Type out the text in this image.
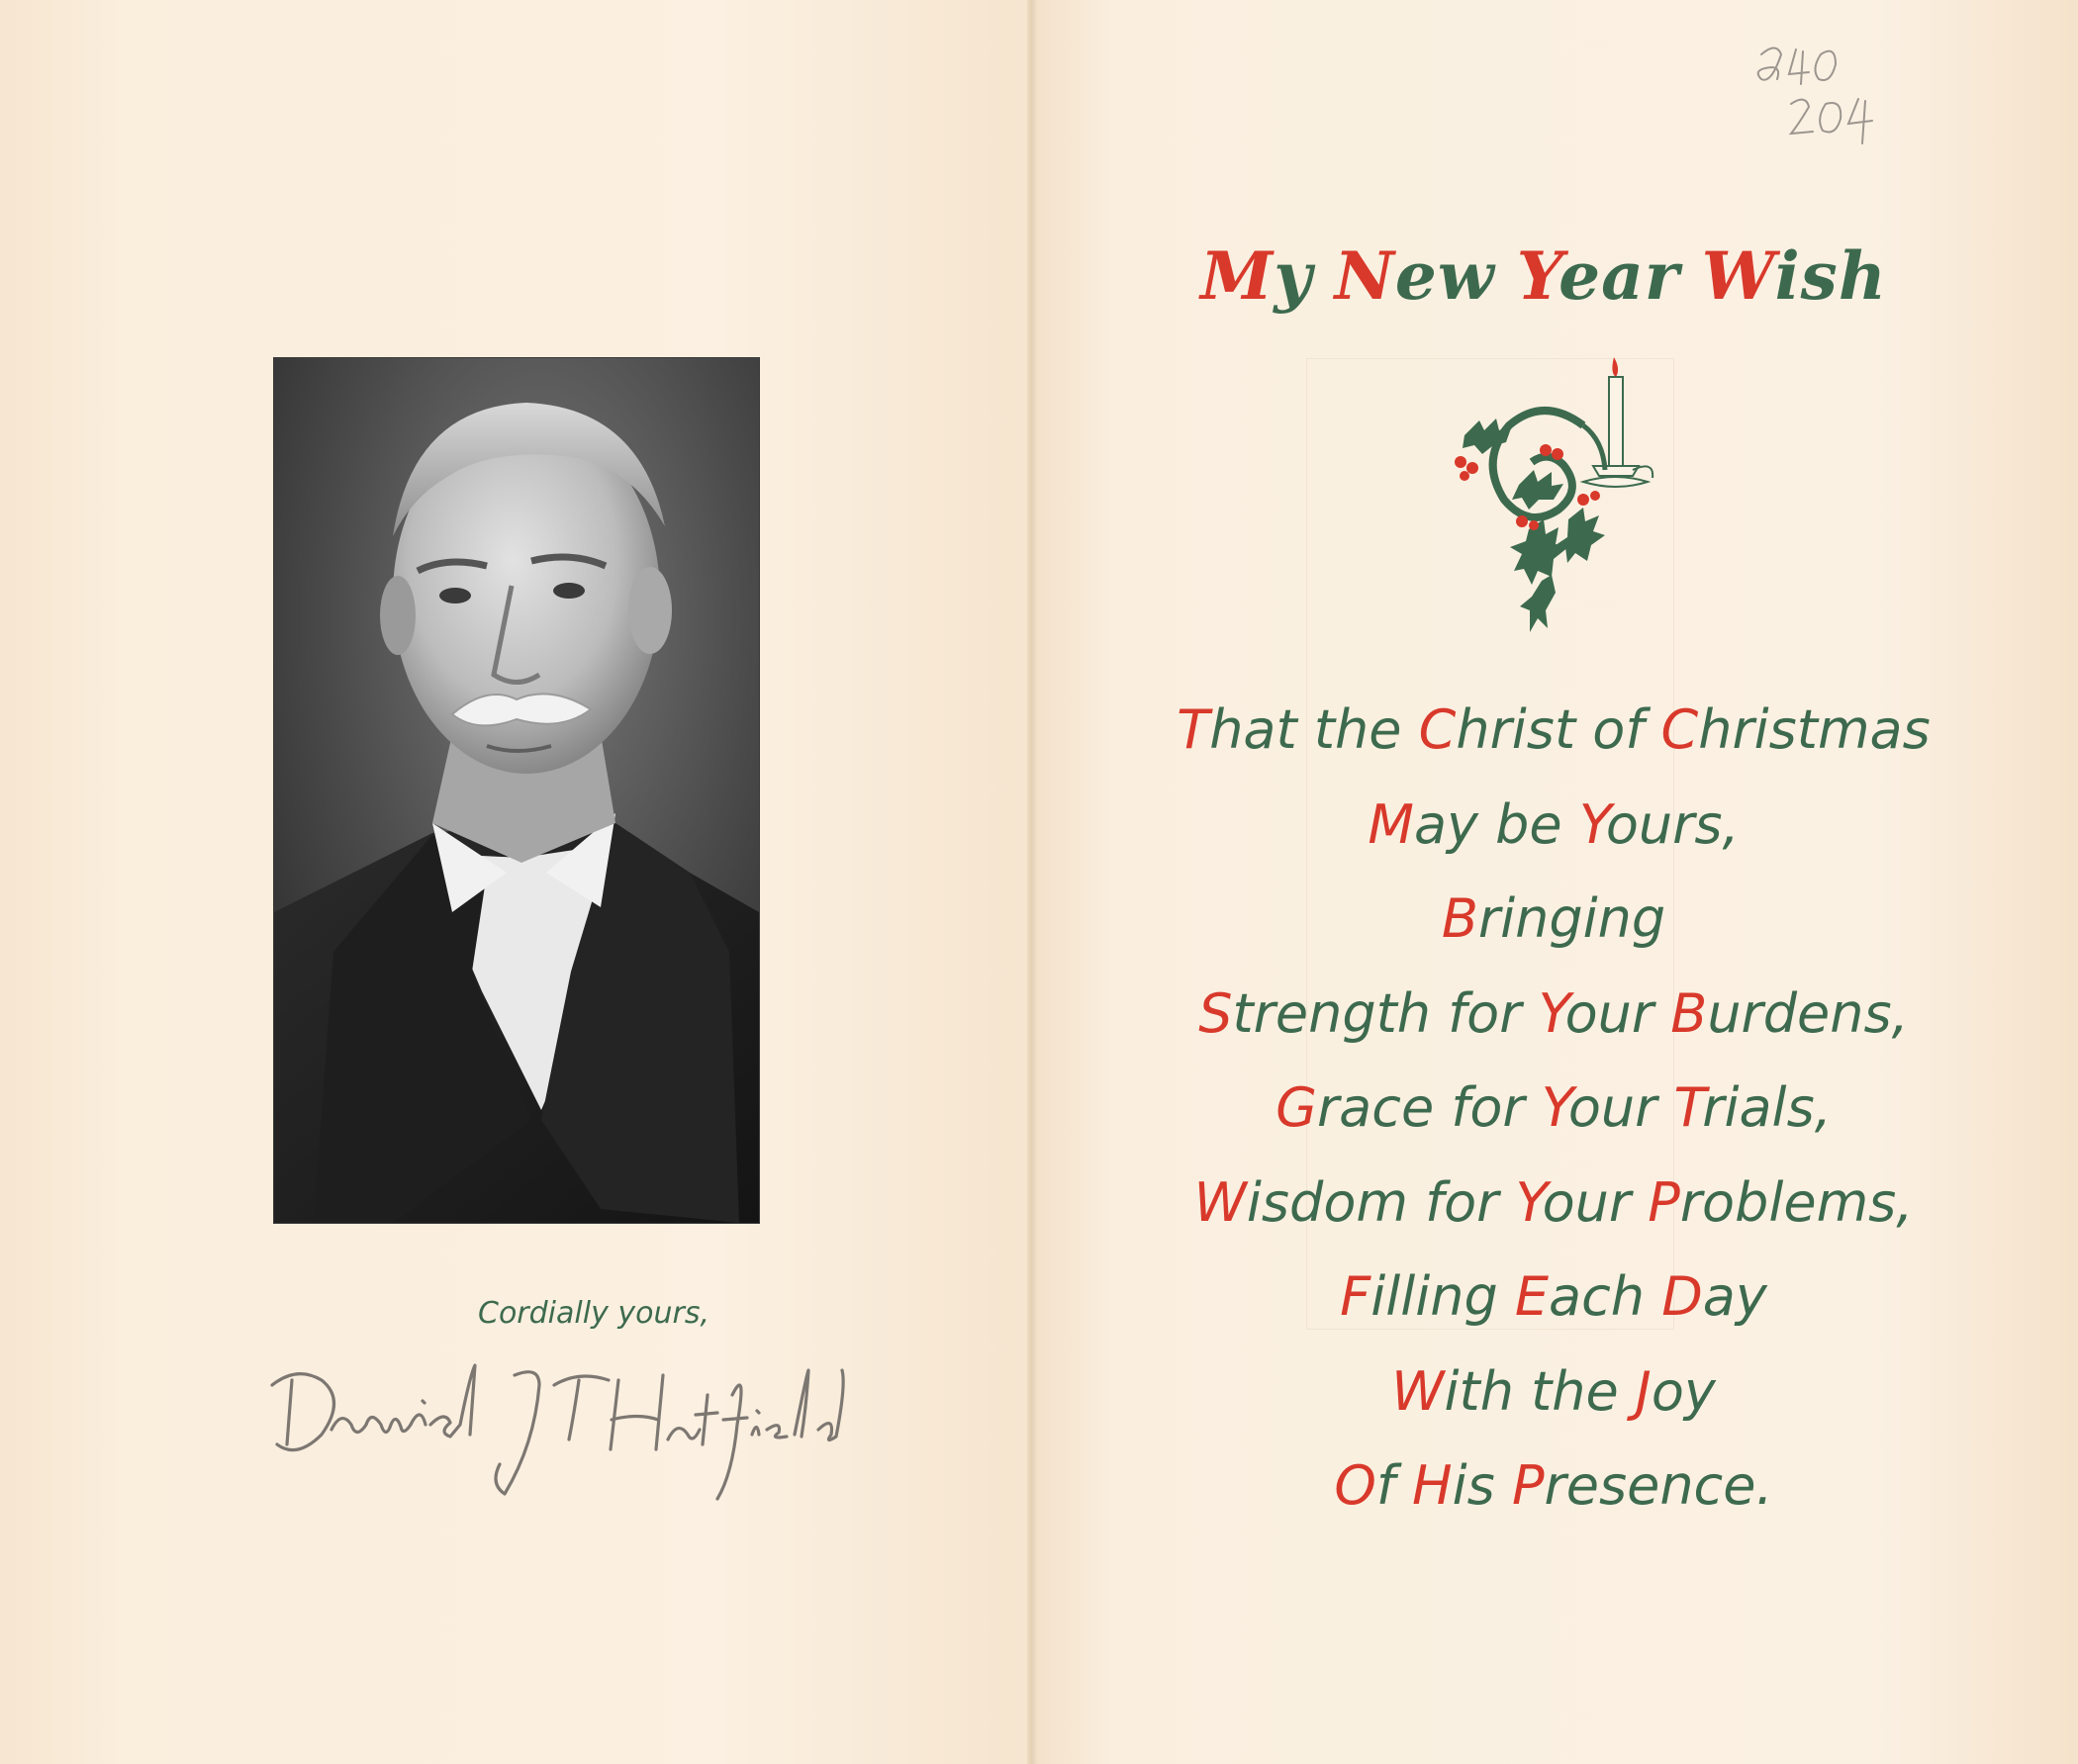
Cordially yours,
My New Year Wish
That the Christ of Christmas
May be Yours,
Bringing
Strength for Your Burdens,
Grace for Your Trials,
Wisdom for Your Problems,
Filling Each Day
With the Joy
Of His Presence.
